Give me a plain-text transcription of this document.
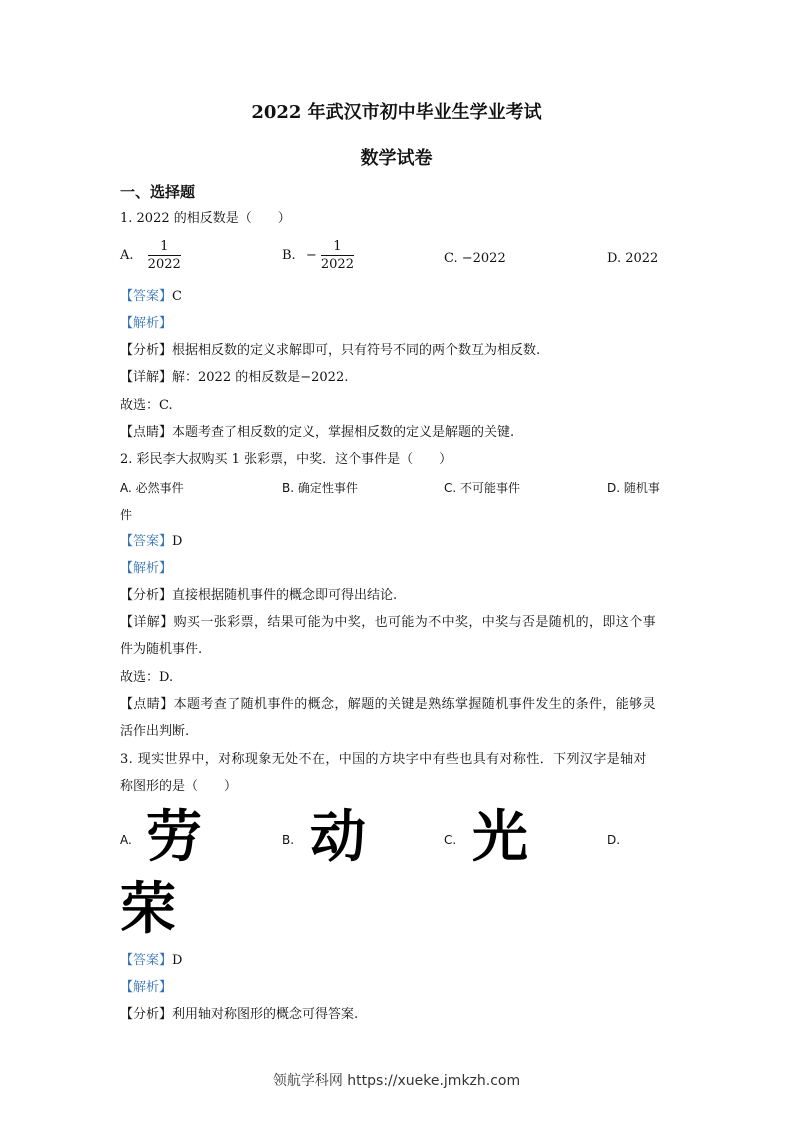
2022 年武汉市初中毕业生学业考试
数学试卷
一、选择题
1. 2022 的相反数是（　　）
A. $\frac{1}{2022}$	B. − $\frac{1}{2022}$	C. −2022	D. 2022
【答案】C
【解析】
【分析】根据相反数的定义求解即可，只有符号不同的两个数互为相反数.
【详解】解：2022 的相反数是−2022.
故选：C.
【点睛】本题考查了相反数的定义，掌握相反数的定义是解题的关键.
2. 彩民李大叔购买 1 张彩票，中奖．这个事件是（　　）
A. 必然事件	B. 确定性事件	C. 不可能事件	D. 随机事
件
【答案】D
【解析】
【分析】直接根据随机事件的概念即可得出结论.
【详解】购买一张彩票，结果可能为中奖，也可能为不中奖，中奖与否是随机的，即这个事
件为随机事件.
故选：D.
【点睛】本题考查了随机事件的概念，解题的关键是熟练掌握随机事件发生的条件，能够灵
活作出判断.
3. 现实世界中，对称现象无处不在，中国的方块字中有些也具有对称性．下列汉字是轴对
称图形的是（　　）
A. 劳	B. 动	C. 光	D.
荣
【答案】D
【解析】
【分析】利用轴对称图形的概念可得答案.
领航学科网 https://xueke.jmkzh.com
